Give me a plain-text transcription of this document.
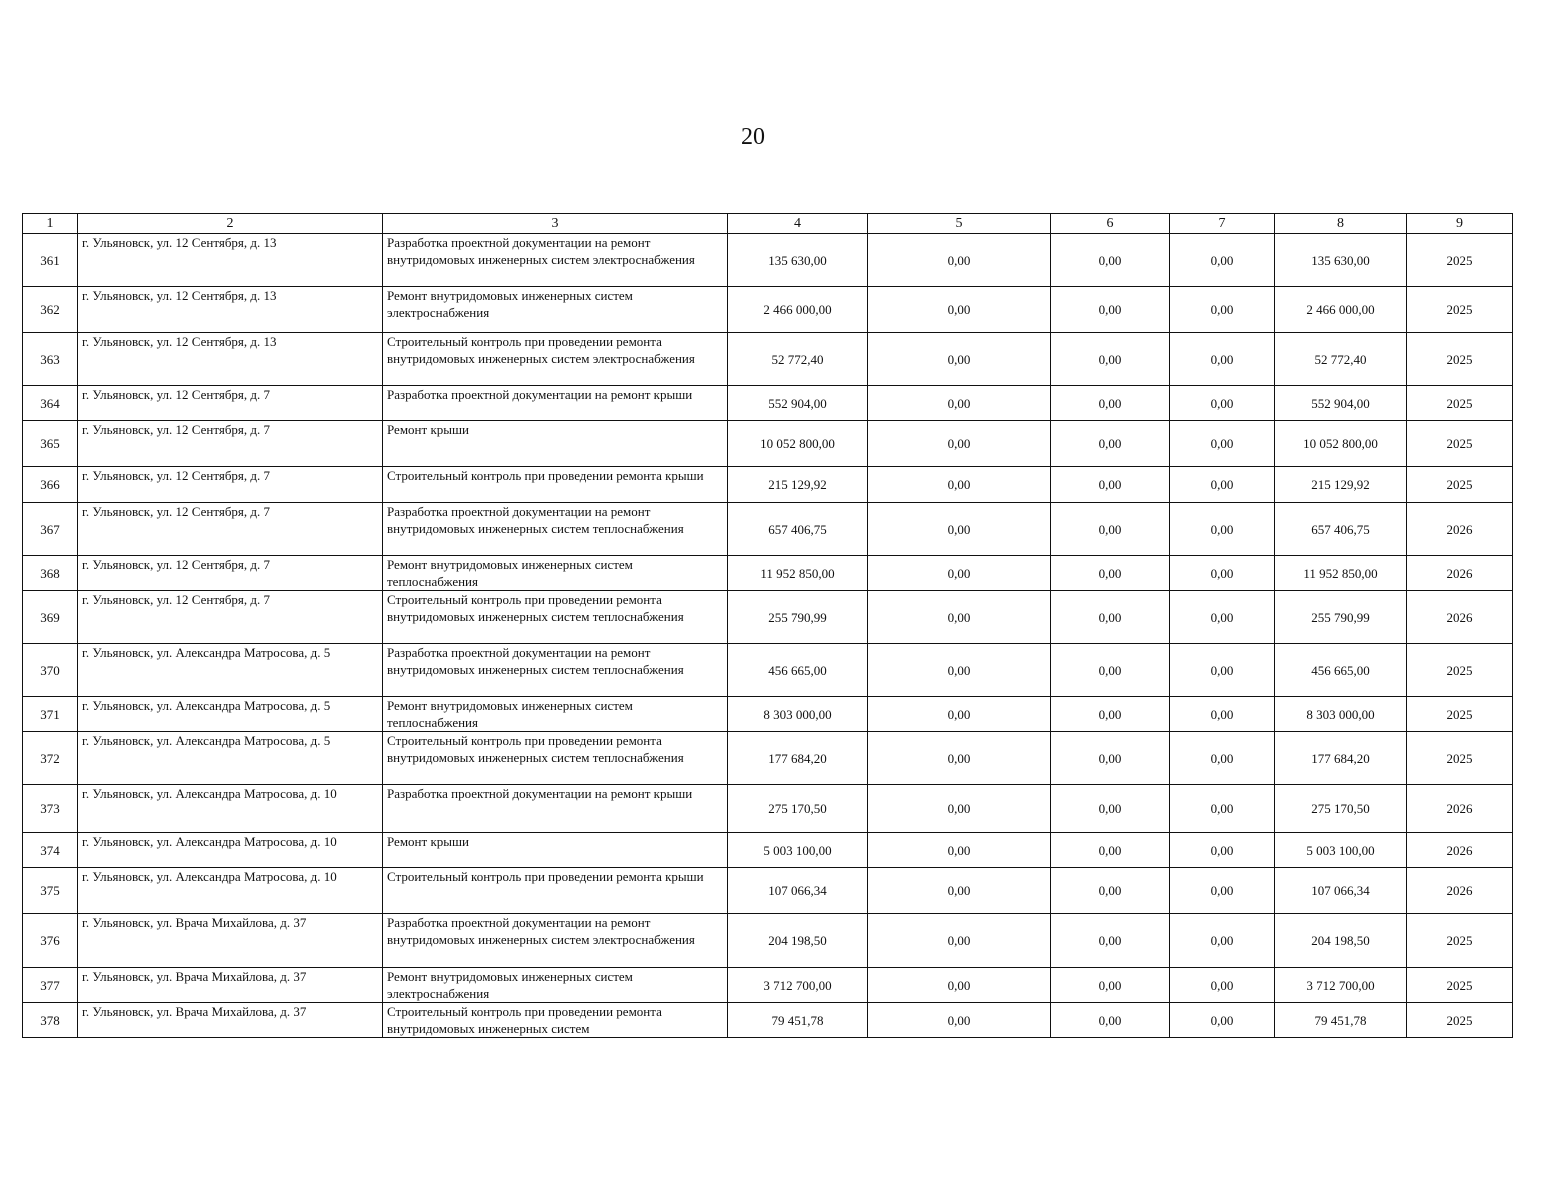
20
1	2	3	4	5	6	7	8	9
361	г. Ульяновск, ул. 12 Сентября, д. 13	Разработка проектной документации на ремонт внутридомовых инженерных систем электроснабжения	135 630,00	0,00	0,00	0,00	135 630,00	2025
362	г. Ульяновск, ул. 12 Сентября, д. 13	Ремонт внутридомовых инженерных систем электроснабжения	2 466 000,00	0,00	0,00	0,00	2 466 000,00	2025
363	г. Ульяновск, ул. 12 Сентября, д. 13	Строительный контроль при проведении ремонта внутридомовых инженерных систем электроснабжения	52 772,40	0,00	0,00	0,00	52 772,40	2025
364	г. Ульяновск, ул. 12 Сентября, д. 7	Разработка проектной документации на ремонт крыши	552 904,00	0,00	0,00	0,00	552 904,00	2025
365	г. Ульяновск, ул. 12 Сентября, д. 7	Ремонт крыши	10 052 800,00	0,00	0,00	0,00	10 052 800,00	2025
366	г. Ульяновск, ул. 12 Сентября, д. 7	Строительный контроль при проведении ремонта крыши	215 129,92	0,00	0,00	0,00	215 129,92	2025
367	г. Ульяновск, ул. 12 Сентября, д. 7	Разработка проектной документации на ремонт внутридомовых инженерных систем теплоснабжения	657 406,75	0,00	0,00	0,00	657 406,75	2026
368	г. Ульяновск, ул. 12 Сентября, д. 7	Ремонт внутридомовых инженерных систем теплоснабжения	11 952 850,00	0,00	0,00	0,00	11 952 850,00	2026
369	г. Ульяновск, ул. 12 Сентября, д. 7	Строительный контроль при проведении ремонта внутридомовых инженерных систем теплоснабжения	255 790,99	0,00	0,00	0,00	255 790,99	2026
370	г. Ульяновск, ул. Александра Матросова, д. 5	Разработка проектной документации на ремонт внутридомовых инженерных систем теплоснабжения	456 665,00	0,00	0,00	0,00	456 665,00	2025
371	г. Ульяновск, ул. Александра Матросова, д. 5	Ремонт внутридомовых инженерных систем теплоснабжения	8 303 000,00	0,00	0,00	0,00	8 303 000,00	2025
372	г. Ульяновск, ул. Александра Матросова, д. 5	Строительный контроль при проведении ремонта внутридомовых инженерных систем теплоснабжения	177 684,20	0,00	0,00	0,00	177 684,20	2025
373	г. Ульяновск, ул. Александра Матросова, д. 10	Разработка проектной документации на ремонт крыши	275 170,50	0,00	0,00	0,00	275 170,50	2026
374	г. Ульяновск, ул. Александра Матросова, д. 10	Ремонт крыши	5 003 100,00	0,00	0,00	0,00	5 003 100,00	2026
375	г. Ульяновск, ул. Александра Матросова, д. 10	Строительный контроль при проведении ремонта крыши	107 066,34	0,00	0,00	0,00	107 066,34	2026
376	г. Ульяновск, ул. Врача Михайлова, д. 37	Разработка проектной документации на ремонт внутридомовых инженерных систем электроснабжения	204 198,50	0,00	0,00	0,00	204 198,50	2025
377	г. Ульяновск, ул. Врача Михайлова, д. 37	Ремонт внутридомовых инженерных систем электроснабжения	3 712 700,00	0,00	0,00	0,00	3 712 700,00	2025
378	г. Ульяновск, ул. Врача Михайлова, д. 37	Строительный контроль при проведении ремонта внутридомовых инженерных систем	79 451,78	0,00	0,00	0,00	79 451,78	2025
